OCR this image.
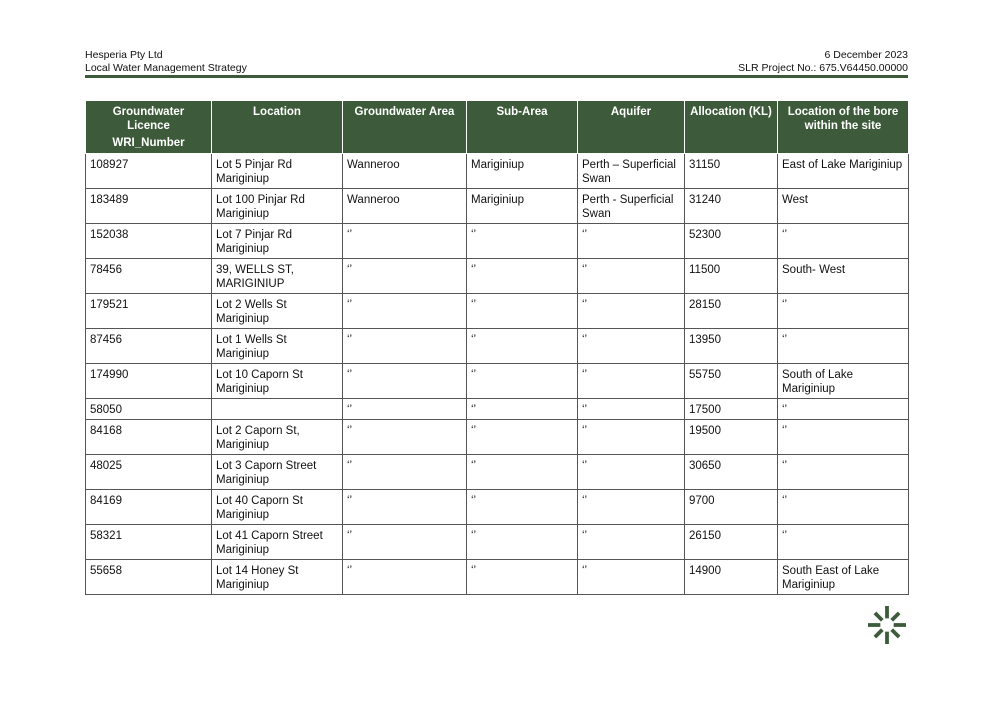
Hesperia Pty Ltd
Local Water Management Strategy
6 December 2023
SLR Project No.: 675.V64450.00000
Groundwater Licence
WRI_Number	Location	Groundwater Area	Sub-Area	Aquifer	Allocation (KL)	Location of the bore within the site
108927	Lot 5 Pinjar Rd Mariginiup	Wanneroo	Mariginiup	Perth – Superficial Swan	31150	East of Lake Mariginiup
183489	Lot 100 Pinjar Rd Mariginiup	Wanneroo	Mariginiup	Perth - Superficial Swan	31240	West
152038	Lot 7 Pinjar Rd Mariginiup	‘’	‘’	‘’	52300	‘’
78456	39, WELLS ST, MARIGINIUP	‘’	‘’	‘’	11500	South- West
179521	Lot 2 Wells St Mariginiup	‘’	‘’	‘’	28150	‘’
87456	Lot 1 Wells St Mariginiup	‘’	‘’	‘’	13950	‘’
174990	Lot 10 Caporn St Mariginiup	‘’	‘’	‘’	55750	South of Lake Mariginiup
58050		‘’	‘’	‘’	17500	‘’
84168	Lot 2 Caporn St, Mariginiup	‘’	‘’	‘’	19500	‘’
48025	Lot 3 Caporn Street Mariginiup	‘’	‘’	‘’	30650	‘’
84169	Lot 40 Caporn St Mariginiup	‘’	‘’	‘’	9700	‘’
58321	Lot 41 Caporn Street Mariginiup	‘’	‘’	‘’	26150	‘’
55658	Lot 14 Honey St Mariginiup	‘’	‘’	‘’	14900	South East of Lake Mariginiup
